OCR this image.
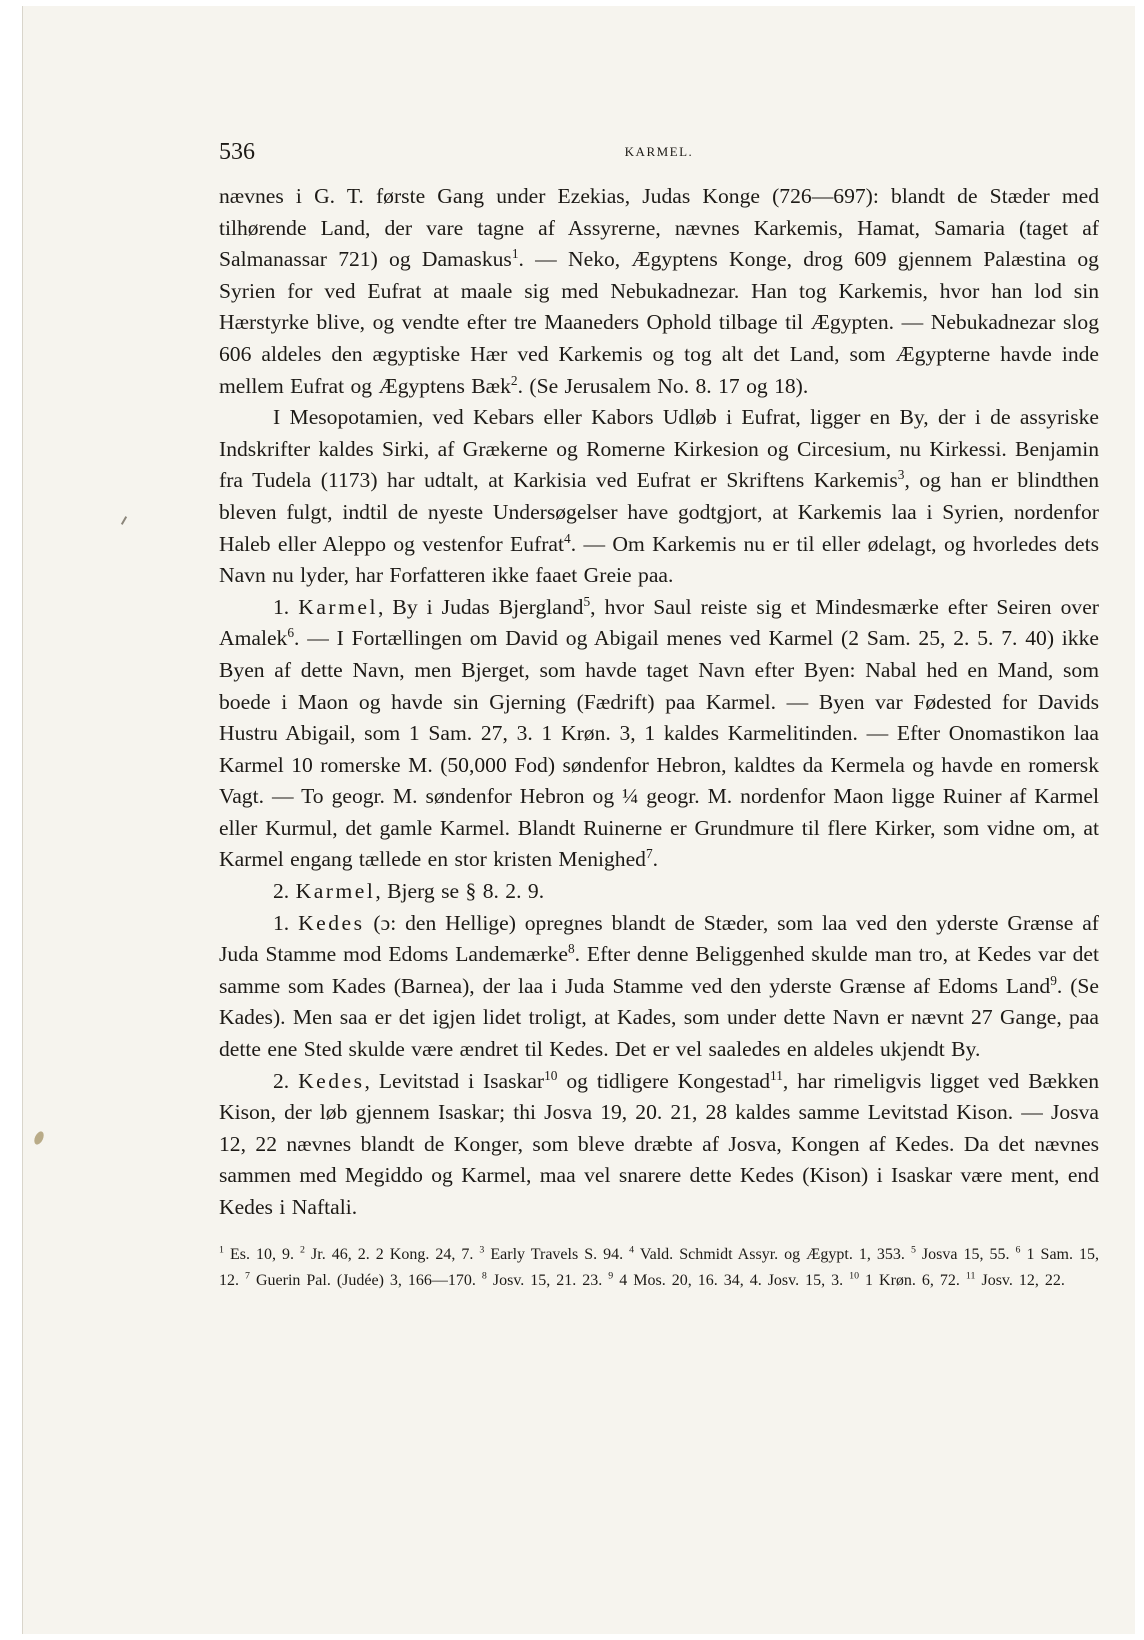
536	KARMEL.

nævnes i G. T. første Gang under Ezekias, Judas Konge (726—697): blandt de Stæder med tilhørende Land, der vare tagne af Assyrerne, nævnes Karkemis, Hamat, Samaria (taget af Salmanassar 721) og Damaskus$^1$. — Neko, Ægyptens Konge, drog 609 gjennem Palæstina og Syrien for ved Eufrat at maale sig med Nebukadnezar. Han tog Karkemis, hvor han lod sin Hærstyrke blive, og vendte efter tre Maaneders Ophold tilbage til Ægypten. — Nebukadnezar slog 606 aldeles den ægyptiske Hær ved Karkemis og tog alt det Land, som Ægypterne havde inde mellem Eufrat og Ægyptens Bæk$^2$. (Se Jerusalem No. 8. 17 og 18).

I Mesopotamien, ved Kebars eller Kabors Udløb i Eufrat, ligger en By, der i de assyriske Indskrifter kaldes Sirki, af Grækerne og Romerne Kirkesion og Circesium, nu Kirkessi. Benjamin fra Tudela (1173) har udtalt, at Karkisia ved Eufrat er Skriftens Karkemis$^3$, og han er blindthen bleven fulgt, indtil de nyeste Undersøgelser have godtgjort, at Karkemis laa i Syrien, nordenfor Haleb eller Aleppo og vestenfor Eufrat$^4$. — Om Karkemis nu er til eller ødelagt, og hvorledes dets Navn nu lyder, har Forfatteren ikke faaet Greie paa.

1. Karmel, By i Judas Bjergland$^5$, hvor Saul reiste sig et Mindesmærke efter Seiren over Amalek$^6$. — I Fortællingen om David og Abigail menes ved Karmel (2 Sam. 25, 2. 5. 7. 40) ikke Byen af dette Navn, men Bjerget, som havde taget Navn efter Byen: Nabal hed en Mand, som boede i Maon og havde sin Gjerning (Fædrift) paa Karmel. — Byen var Fødested for Davids Hustru Abigail, som 1 Sam. 27, 3. 1 Krøn. 3, 1 kaldes Karmelitinden. — Efter Onomastikon laa Karmel 10 romerske M. (50,000 Fod) søndenfor Hebron, kaldtes da Kermela og havde en romersk Vagt. — To geogr. M. søndenfor Hebron og ¼ geogr. M. nordenfor Maon ligge Ruiner af Karmel eller Kurmul, det gamle Karmel. Blandt Ruinerne er Grundmure til flere Kirker, som vidne om, at Karmel engang tællede en stor kristen Menighed$^7$.

2. Karmel, Bjerg se § 8. 2. 9.

1. Kedes (ɔ: den Hellige) opregnes blandt de Stæder, som laa ved den yderste Grænse af Juda Stamme mod Edoms Landemærke$^8$. Efter denne Beliggenhed skulde man tro, at Kedes var det samme som Kades (Barnea), der laa i Juda Stamme ved den yderste Grænse af Edoms Land$^9$. (Se Kades). Men saa er det igjen lidet troligt, at Kades, som under dette Navn er nævnt 27 Gange, paa dette ene Sted skulde være ændret til Kedes. Det er vel saaledes en aldeles ukjendt By.

2. Kedes, Levitstad i Isaskar$^{10}$ og tidligere Kongestad$^{11}$, har rimeligvis ligget ved Bækken Kison, der løb gjennem Isaskar; thi Josva 19, 20. 21, 28 kaldes samme Levitstad Kison. — Josva 12, 22 nævnes blandt de Konger, som bleve dræbte af Josva, Kongen af Kedes. Da det nævnes sammen med Megiddo og Karmel, maa vel snarere dette Kedes (Kison) i Isaskar være ment, end Kedes i Naftali.

$^1$ Es. 10, 9. $^2$ Jr. 46, 2. 2 Kong. 24, 7. $^3$ Early Travels S. 94. $^4$ Vald. Schmidt Assyr. og Ægypt. 1, 353. $^5$ Josva 15, 55. $^6$ 1 Sam. 15, 12. $^7$ Guerin Pal. (Judée) 3, 166—170. $^8$ Josv. 15, 21. 23. $^9$ 4 Mos. 20, 16. 34, 4. Josv. 15, 3. $^{10}$ 1 Krøn. 6, 72. $^{11}$ Josv. 12, 22.
